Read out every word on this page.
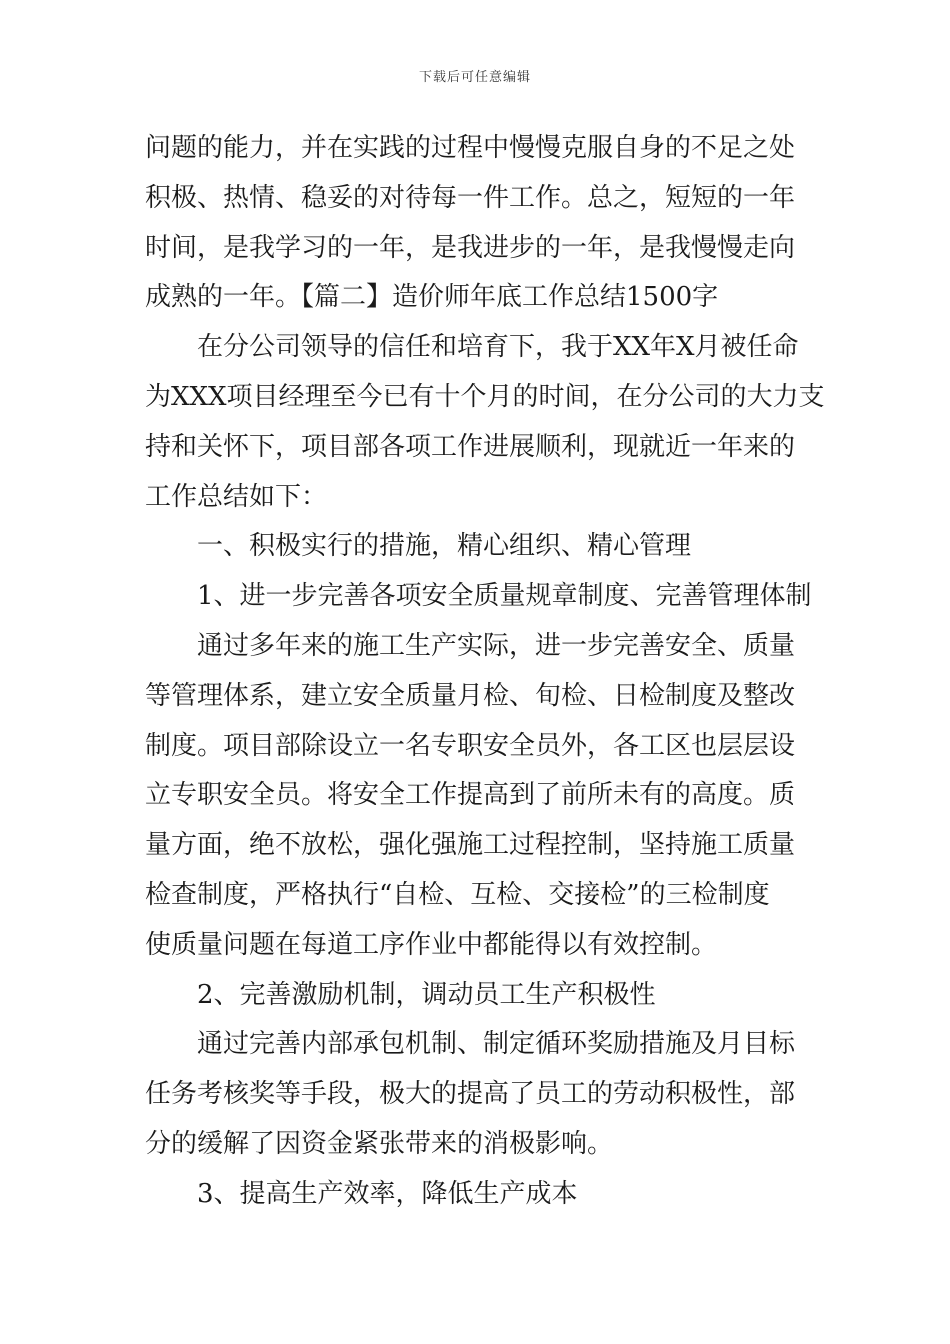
下载后可任意编辑
问题的能力，并在实践的过程中慢慢克服自身的不足之处
积极、热情、稳妥的对待每一件工作。总之，短短的一年
时间，是我学习的一年，是我进步的一年，是我慢慢走向
成熟的一年。【篇二】造价师年底工作总结1500字
在分公司领导的信任和培育下，我于XX年X月被任命
为XXX项目经理至今已有十个月的时间，在分公司的大力支
持和关怀下，项目部各项工作进展顺利，现就近一年来的
工作总结如下：
一、积极实行的措施，精心组织、精心管理
1、进一步完善各项安全质量规章制度、完善管理体制
通过多年来的施工生产实际，进一步完善安全、质量
等管理体系，建立安全质量月检、旬检、日检制度及整改
制度。项目部除设立一名专职安全员外，各工区也层层设
立专职安全员。将安全工作提高到了前所未有的高度。质
量方面，绝不放松，强化强施工过程控制，坚持施工质量
检查制度，严格执行“自检、互检、交接检”的三检制度
使质量问题在每道工序作业中都能得以有效控制。
2、完善激励机制，调动员工生产积极性
通过完善内部承包机制、制定循环奖励措施及月目标
任务考核奖等手段，极大的提高了员工的劳动积极性，部
分的缓解了因资金紧张带来的消极影响。
3、提高生产效率，降低生产成本
